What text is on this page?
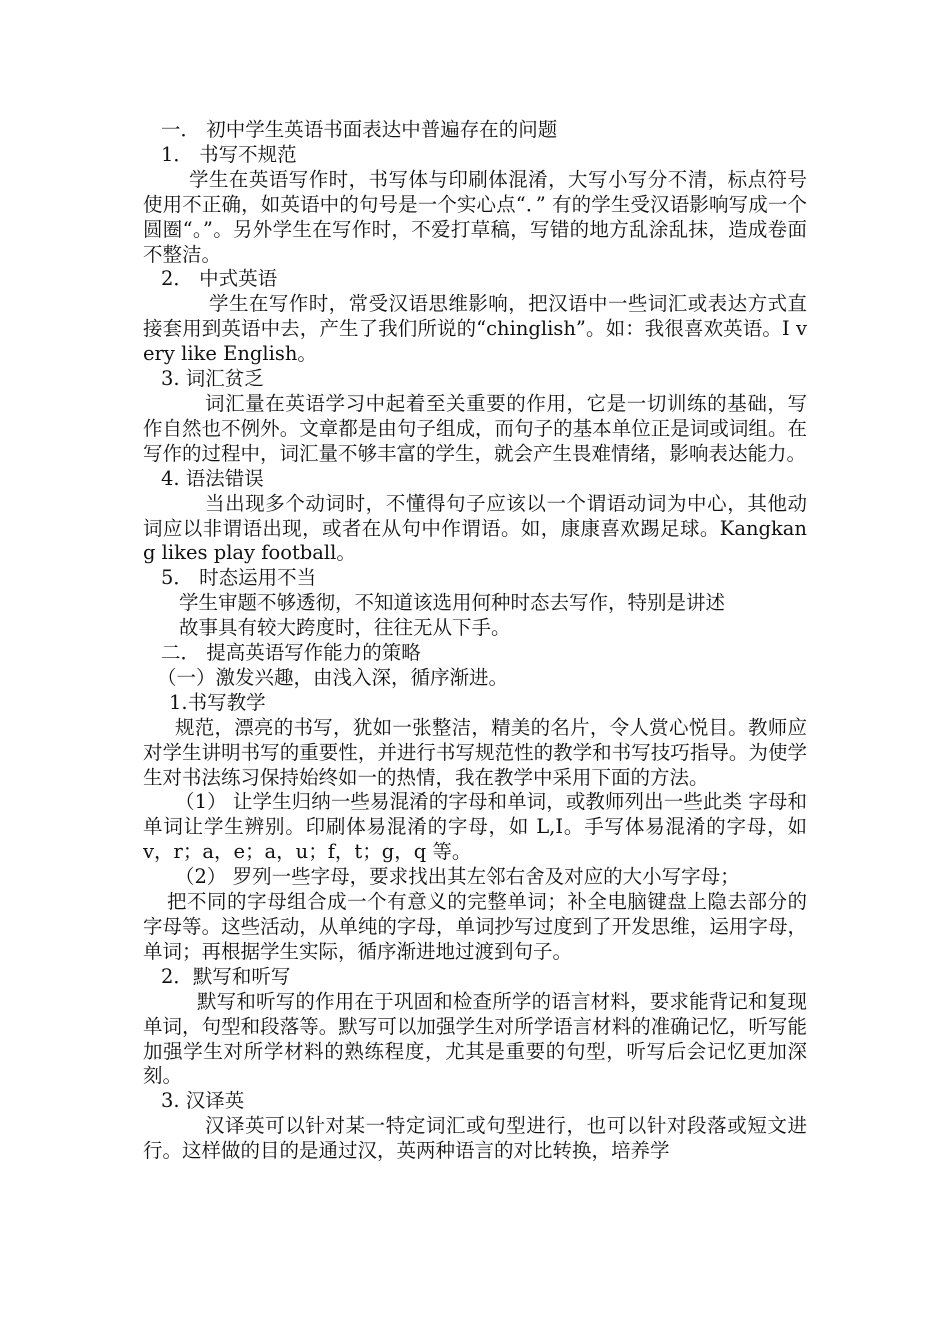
一． 初中学生英语书面表达中普遍存在的问题

1． 书写不规范

学生在英语写作时，书写体与印刷体混淆，大写小写分不清，标点符号使用不正确，如英语中的句号是一个实心点“．” 有的学生受汉语影响写成一个圆圈“。”。另外学生在写作时，不爱打草稿，写错的地方乱涂乱抹，造成卷面不整洁。

2． 中式英语

学生在写作时，常受汉语思维影响，把汉语中一些词汇或表达方式直接套用到英语中去，产生了我们所说的“chinglish”。如：我很喜欢英语。I very like English。

3. 词汇贫乏

词汇量在英语学习中起着至关重要的作用，它是一切训练的基础，写作自然也不例外。文章都是由句子组成，而句子的基本单位正是词或词组。在写作的过程中，词汇量不够丰富的学生，就会产生畏难情绪，影响表达能力。

4. 语法错误

当出现多个动词时，不懂得句子应该以一个谓语动词为中心，其他动词应以非谓语出现，或者在从句中作谓语。如，康康喜欢踢足球。Kangkang likes play football。

5． 时态运用不当

学生审题不够透彻，不知道该选用何种时态去写作，特别是讲述

故事具有较大跨度时，往往无从下手。

二． 提高英语写作能力的策略

（一）激发兴趣，由浅入深，循序渐进。

1.书写教学

规范，漂亮的书写，犹如一张整洁，精美的名片，令人赏心悦目。教师应对学生讲明书写的重要性，并进行书写规范性的教学和书写技巧指导。为使学生对书法练习保持始终如一的热情，我在教学中采用下面的方法。

（1） 让学生归纳一些易混淆的字母和单词，或教师列出一些此类 字母和单词让学生辨别。印刷体易混淆的字母，如 L,I。手写体易混淆的字母，如 v，r；a，e；a，u；f，t；g，q 等。

（2） 罗列一些字母，要求找出其左邻右舍及对应的大小写字母；

把不同的字母组合成一个有意义的完整单词；补全电脑键盘上隐去部分的字母等。这些活动，从单纯的字母，单词抄写过度到了开发思维，运用字母，单词；再根据学生实际，循序渐进地过渡到句子。

2．默写和听写

默写和听写的作用在于巩固和检查所学的语言材料，要求能背记和复现单词，句型和段落等。默写可以加强学生对所学语言材料的准确记忆，听写能加强学生对所学材料的熟练程度，尤其是重要的句型，听写后会记忆更加深刻。

3. 汉译英

汉译英可以针对某一特定词汇或句型进行，也可以针对段落或短文进行。这样做的目的是通过汉，英两种语言的对比转换，培养学
